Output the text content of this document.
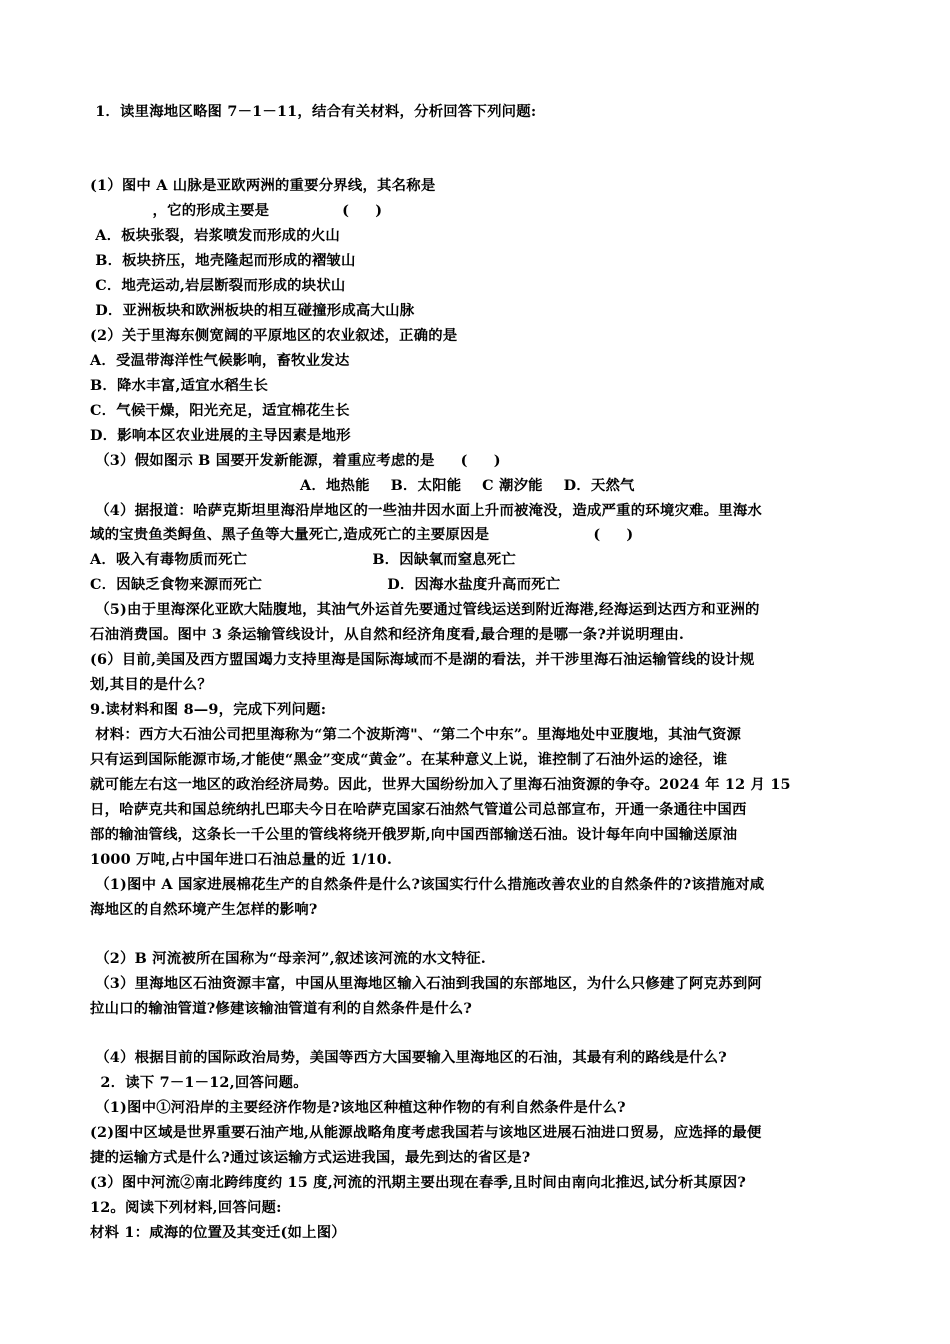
1．读里海地区略图 7－1－11，结合有关材料，分析回答下列问题:
(1）图中 A 山脉是亚欧两洲的重要分界线，其名称是
，它的形成主要是              (     )
A．板块张裂，岩浆喷发而形成的火山
B．板块挤压，地壳隆起而形成的褶皱山
C．地壳运动,岩层断裂而形成的块状山
D．亚洲板块和欧洲板块的相互碰撞形成高大山脉
(2）关于里海东侧宽阔的平原地区的农业叙述，正确的是
A．受温带海洋性气候影响，畜牧业发达
B．降水丰富,适宜水稻生长
C．气候干燥，阳光充足，适宜棉花生长
D．影响本区农业进展的主导因素是地形
（3）假如图示 B 国要开发新能源，着重应考虑的是     (     )
A．地热能    B．太阳能    C 潮汐能    D．天然气
（4）据报道：哈萨克斯坦里海沿岸地区的一些油井因水面上升而被淹没，造成严重的环境灾难。里海水
域的宝贵鱼类鲟鱼、黑子鱼等大量死亡,造成死亡的主要原因是                    (     )
A．吸入有毒物质而死亡                        B．因缺氧而窒息死亡
C．因缺乏食物来源而死亡                        D．因海水盐度升高而死亡
（5)由于里海深化亚欧大陆腹地，其油气外运首先要通过管线运送到附近海港,经海运到达西方和亚洲的
石油消费国。图中 3 条运输管线设计，从自然和经济角度看,最合理的是哪一条?并说明理由.
(6）目前,美国及西方盟国竭力支持里海是国际海域而不是湖的看法，并干涉里海石油运输管线的设计规
划,其目的是什么？
9.读材料和图 8—9，完成下列问题:
材料：西方大石油公司把里海称为“第二个波斯湾"、“第二个中东”。里海地处中亚腹地，其油气资源
只有运到国际能源市场,才能使“黑金”变成“黄金”。在某种意义上说，谁控制了石油外运的途径，谁
就可能左右这一地区的政治经济局势。因此，世界大国纷纷加入了里海石油资源的争夺。2024 年 12 月 15
日，哈萨克共和国总统纳扎巴耶夫今日在哈萨克国家石油然气管道公司总部宣布，开通一条通往中国西
部的输油管线，这条长一千公里的管线将绕开俄罗斯,向中国西部输送石油。设计每年向中国输送原油
1000 万吨,占中国年进口石油总量的近 1/10.
（1)图中 A 国家进展棉花生产的自然条件是什么?该国实行什么措施改善农业的自然条件的?该措施对咸
海地区的自然环境产生怎样的影响?
（2）B 河流被所在国称为“母亲河”,叙述该河流的水文特征.
（3）里海地区石油资源丰富，中国从里海地区输入石油到我国的东部地区，为什么只修建了阿克苏到阿
拉山口的输油管道?修建该输油管道有利的自然条件是什么?
（4）根据目前的国际政治局势，美国等西方大国要输入里海地区的石油，其最有利的路线是什么?
2．读下 7－1－12,回答问题。
（1)图中①河沿岸的主要经济作物是?该地区种植这种作物的有利自然条件是什么?
(2)图中区域是世界重要石油产地,从能源战略角度考虑我国若与该地区进展石油进口贸易，应选择的最便
捷的运输方式是什么?通过该运输方式运进我国，最先到达的省区是?
(3）图中河流②南北跨纬度约 15 度,河流的汛期主要出现在春季,且时间由南向北推迟,试分析其原因?
12。阅读下列材料,回答问题:
材料 1：咸海的位置及其变迁(如上图）
